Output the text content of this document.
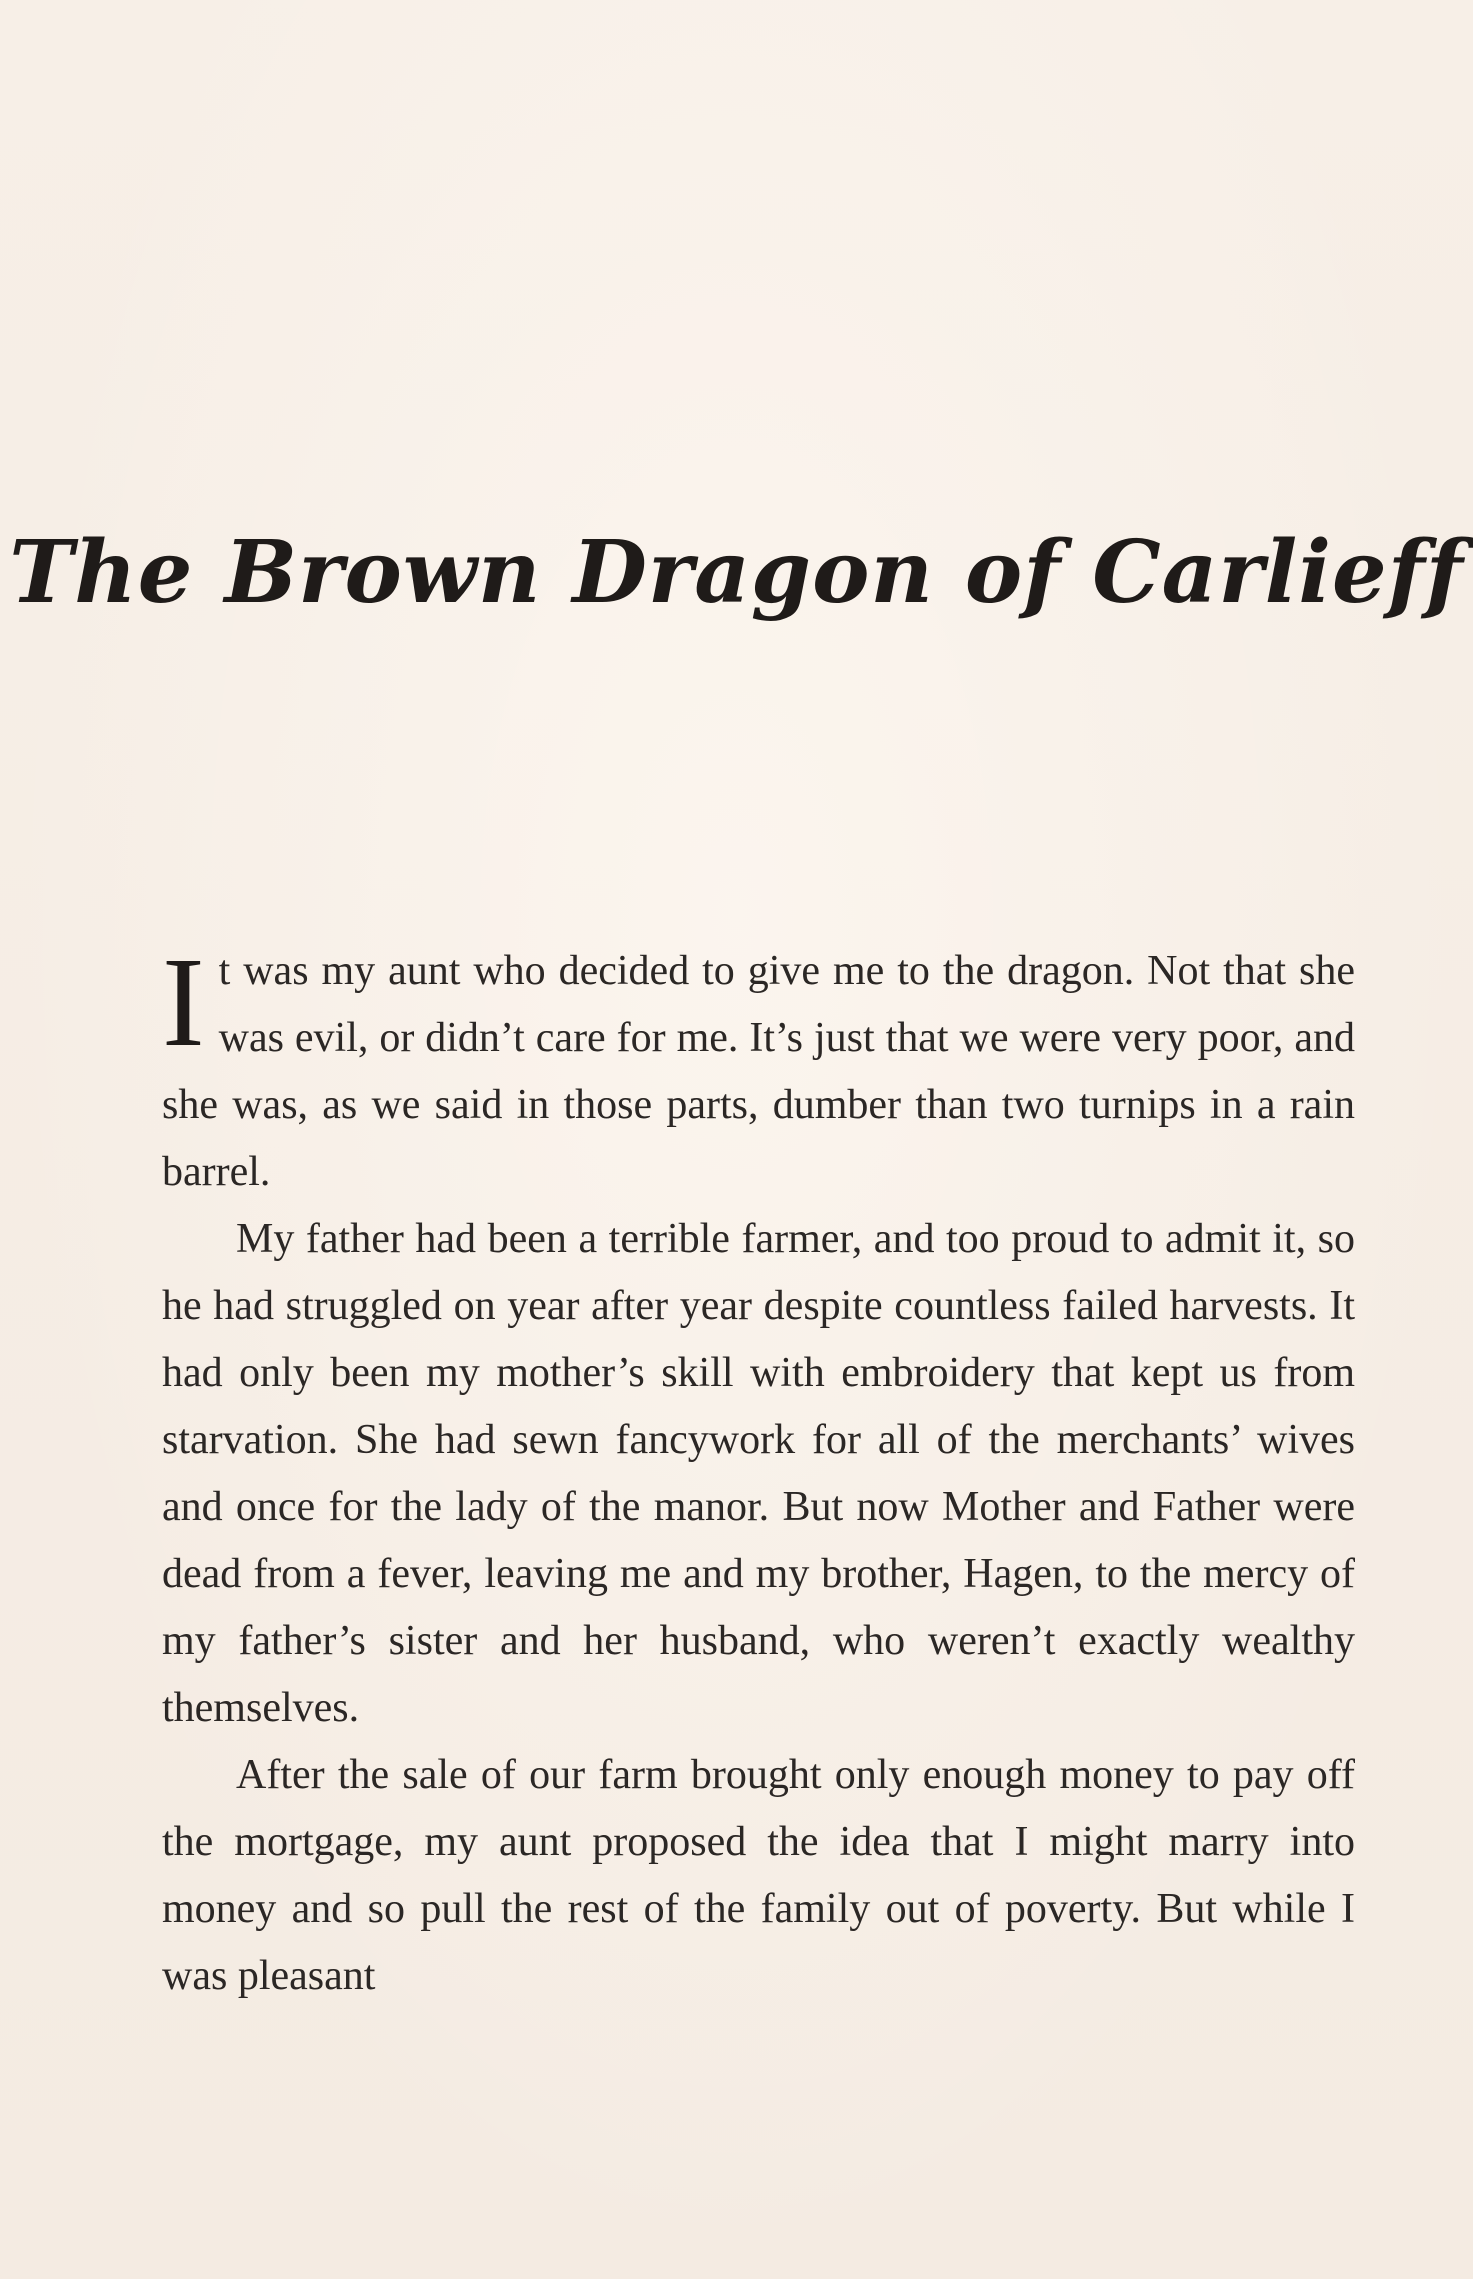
The Brown Dragon of Carlieff

It was my aunt who decided to give me to the dragon. Not that she was evil, or didn’t care for me. It’s just that we were very poor, and she was, as we said in those parts, dumber than two turnips in a rain barrel.

My father had been a terrible farmer, and too proud to admit it, so he had struggled on year after year despite countless failed harvests. It had only been my mother’s skill with embroidery that kept us from starvation. She had sewn fancywork for all of the merchants’ wives and once for the lady of the manor. But now Mother and Father were dead from a fever, leaving me and my brother, Hagen, to the mercy of my father’s sister and her husband, who weren’t exactly wealthy themselves.

After the sale of our farm brought only enough money to pay off the mortgage, my aunt proposed the idea that I might marry into money and so pull the rest of the family out of poverty. But while I was pleasant
